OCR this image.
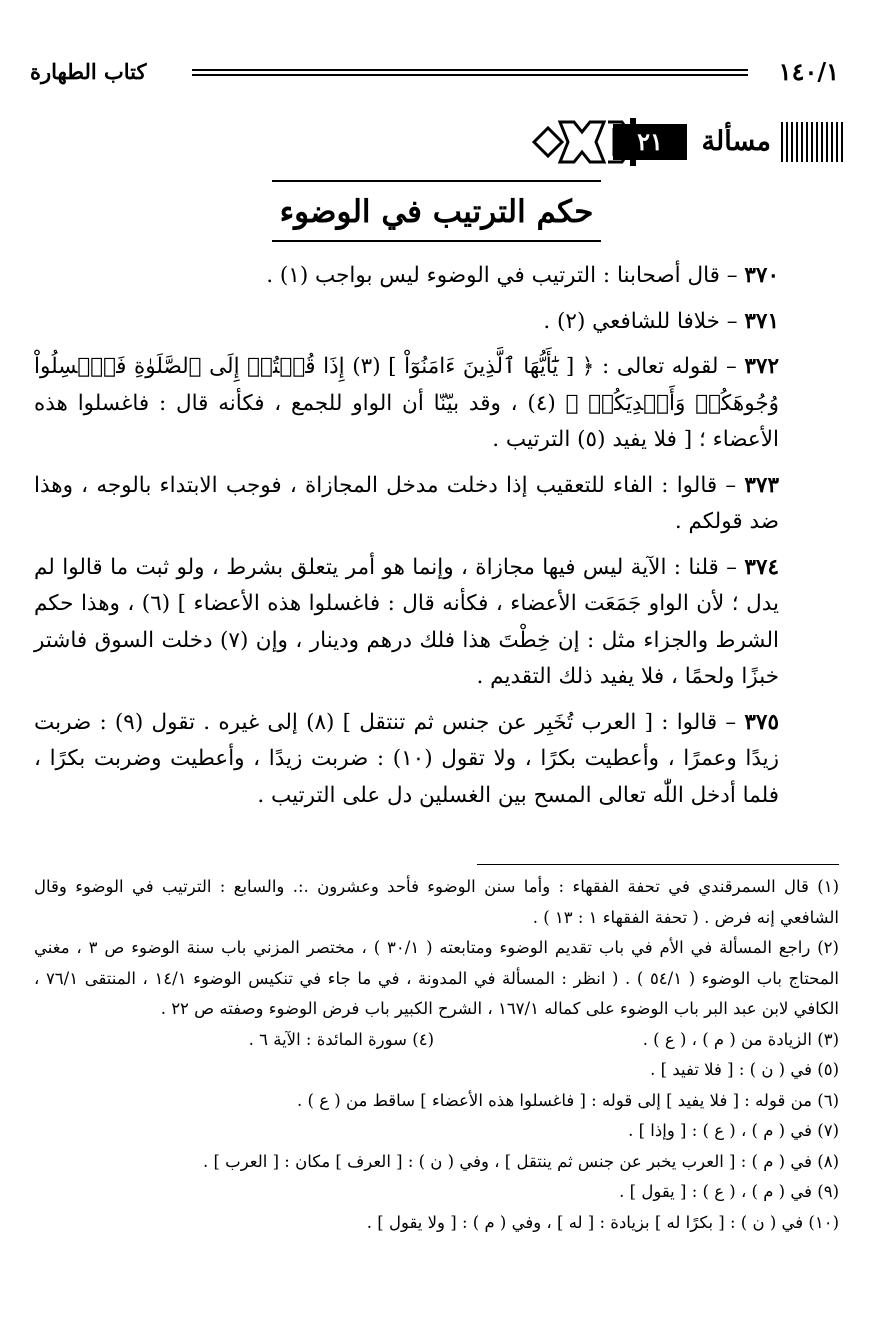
١٤٠/١
كتاب الطهارة
مسألة
٢١
حكم الترتيب في الوضوء

٣٧٠ – قال أصحابنا : الترتيب في الوضوء ليس بواجب (١) .

٣٧١ – خلافا للشافعي (٢) .

٣٧٢ – لقوله تعالى : ﴿ [ يَٰٓأَيُّهَا ٱلَّذِينَ ءَامَنُوٓاْ ] (٣) إِذَا قُمۡتُمۡ إِلَى ٱلصَّلَوٰةِ فَٱغۡسِلُواْ وُجُوهَكُمۡ وَأَيۡدِيَكُمۡ ﴾ (٤) ، وقد بيّنّا أن الواو للجمع ، فكأنه قال : فاغسلوا هذه الأعضاء ؛ [ فلا يفيد (٥) الترتيب .

٣٧٣ – قالوا : الفاء للتعقيب إذا دخلت مدخل المجازاة ، فوجب الابتداء بالوجه ، وهذا ضد قولكم .

٣٧٤ – قلنا : الآية ليس فيها مجازاة ، وإنما هو أمر يتعلق بشرط ، ولو ثبت ما قالوا لم يدل ؛ لأن الواو جَمَعَت الأعضاء ، فكأنه قال : فاغسلوا هذه الأعضاء ] (٦) ، وهذا حكم الشرط والجزاء مثل : إن خِطْتَ هذا فلك درهم ودينار ، وإن (٧) دخلت السوق فاشتر خبزًا ولحمًا ، فلا يفيد ذلك التقديم .

٣٧٥ – قالوا : [ العرب تُخَبِر عن جنس ثم تنتقل ] (٨) إلى غيره . تقول (٩) : ضربت زيدًا وعمرًا ، وأعطيت بكرًا ، ولا تقول (١٠) : ضربت زيدًا ، وأعطيت وضربت بكرًا ، فلما أدخل اللّٰه تعالى المسح بين الغسلين دل على الترتيب .

(١) قال السمرقندي في تحفة الفقهاء : وأما سنن الوضوء فأحد وعشرون .:. والسابع : الترتيب في الوضوء وقال الشافعي إنه فرض . ( تحفة الفقهاء ١ : ١٣ ) .

(٢) راجع المسألة في الأم في باب تقديم الوضوء ومتابعته ( ٣٠/١ ) ، مختصر المزني باب سنة الوضوء ص ٣ ، مغني المحتاج باب الوضوء ( ٥٤/١ ) . ( انظر : المسألة في المدونة ، في ما جاء في تنكيس الوضوء ١٤/١ ، المنتقى ٧٦/١ ، الكافي لابن عبد البر باب الوضوء على كماله ١٦٧/١ ، الشرح الكبير باب فرض الوضوء وصفته ص ٢٢ .

(٣) الزيادة من ( م ) ، ( ع ) .

(٤) سورة المائدة : الآية ٦ .

(٥) في ( ن ) : [ فلا تفيد ] .

(٦) من قوله : [ فلا يفيد ] إلى قوله : [ فاغسلوا هذه الأعضاء ] ساقط من ( ع ) .

(٧) في ( م ) ، ( ع ) : [ وإذا ] .

(٨) في ( م ) : [ العرب يخبر عن جنس ثم ينتقل ] ، وفي ( ن ) : [ العرف ] مكان : [ العرب ] .

(٩) في ( م ) ، ( ع ) : [ يقول ] .

(١٠) في ( ن ) : [ بكرًا له ] بزيادة : [ له ] ، وفي ( م ) : [ ولا يقول ] .
